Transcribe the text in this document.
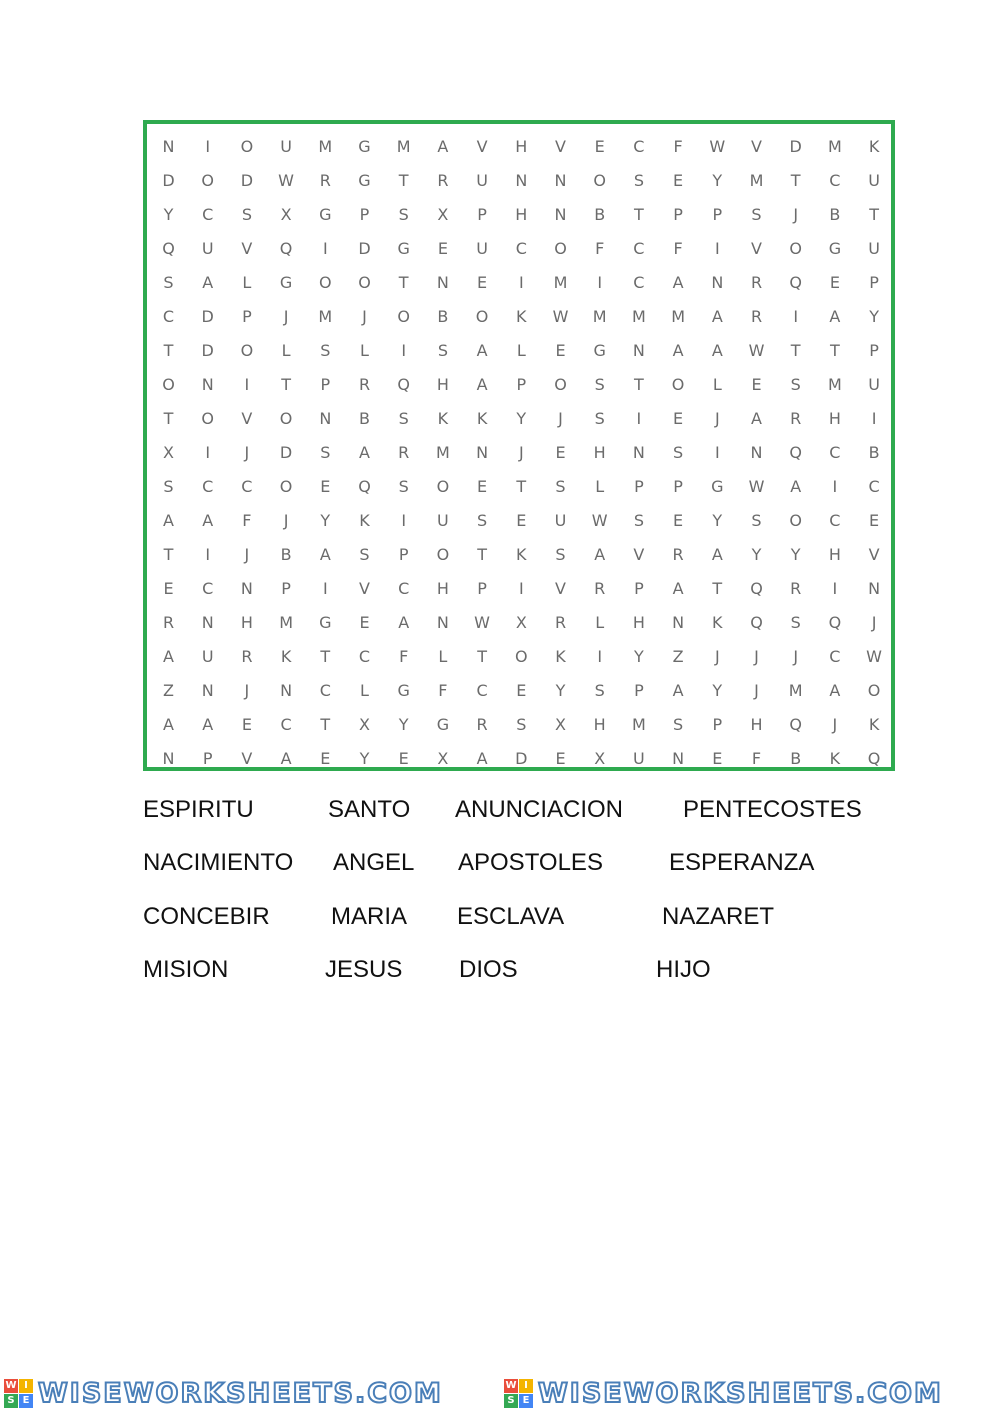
N	I	O	U	M	G	M	A	V	H	V	E	C	F	W	V	D	M	K
D	O	D	W	R	G	T	R	U	N	N	O	S	E	Y	M	T	C	U
Y	C	S	X	G	P	S	X	P	H	N	B	T	P	P	S	J	B	T
Q	U	V	Q	I	D	G	E	U	C	O	F	C	F	I	V	O	G	U
S	A	L	G	O	O	T	N	E	I	M	I	C	A	N	R	Q	E	P
C	D	P	J	M	J	O	B	O	K	W	M	M	M	A	R	I	A	Y
T	D	O	L	S	L	I	S	A	L	E	G	N	A	A	W	T	T	P
O	N	I	T	P	R	Q	H	A	P	O	S	T	O	L	E	S	M	U
T	O	V	O	N	B	S	K	K	Y	J	S	I	E	J	A	R	H	I
X	I	J	D	S	A	R	M	N	J	E	H	N	S	I	N	Q	C	B
S	C	C	O	E	Q	S	O	E	T	S	L	P	P	G	W	A	I	C
A	A	F	J	Y	K	I	U	S	E	U	W	S	E	Y	S	O	C	E
T	I	J	B	A	S	P	O	T	K	S	A	V	R	A	Y	Y	H	V
E	C	N	P	I	V	C	H	P	I	V	R	P	A	T	Q	R	I	N
R	N	H	M	G	E	A	N	W	X	R	L	H	N	K	Q	S	Q	J
A	U	R	K	T	C	F	L	T	O	K	I	Y	Z	J	J	J	C	W
Z	N	J	N	C	L	G	F	C	E	Y	S	P	A	Y	J	M	A	O
A	A	E	C	T	X	Y	G	R	S	X	H	M	S	P	H	Q	J	K
N	P	V	A	E	Y	E	X	A	D	E	X	U	N	E	F	B	K	Q
ESPIRITU	SANTO ANUNCIACION PENTECOSTES
NACIMIENTO ANGEL APOSTOLES	ESPERANZA
CONCEBIR	MARIA ESCLAVA	NAZARET
MISION	JESUS DIOS	HIJO
W I
S E WISEWORKSHEETS.COM	W I
S E WISEWORKSHEETS.COM
